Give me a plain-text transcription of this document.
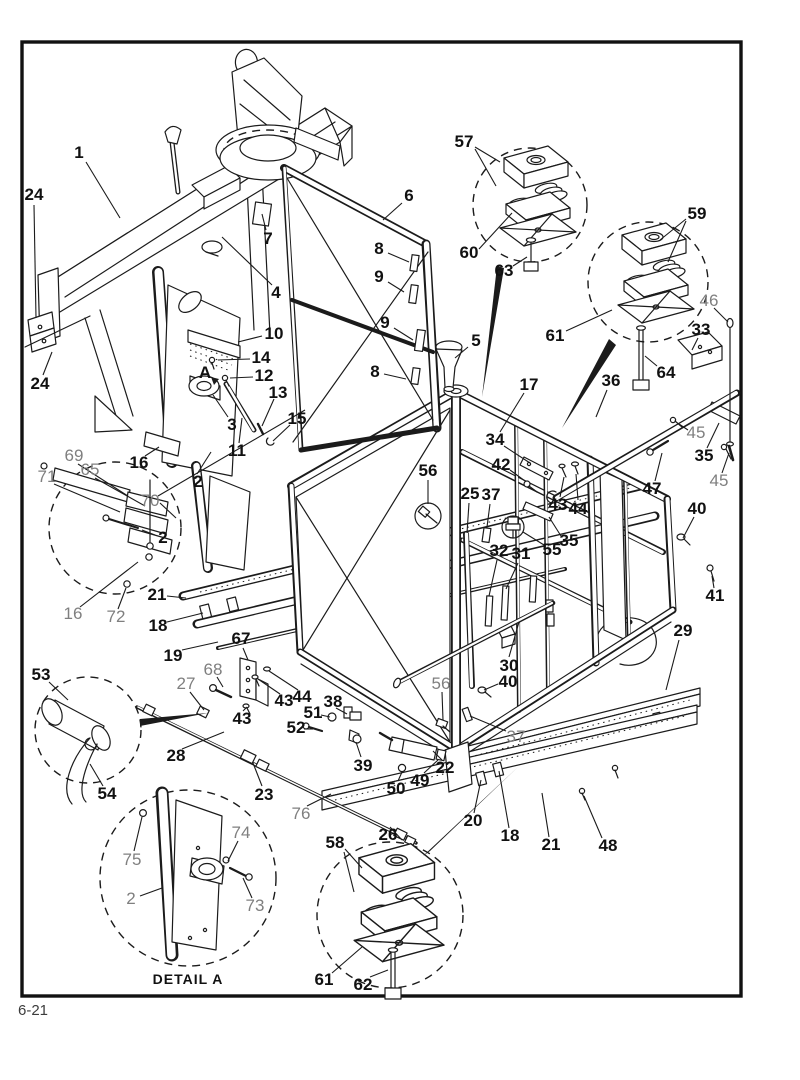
1
24
24
7
4
10
14
A	12
13
15
3
11
6
8
9
9
8
5
57
60
63
59
61
64
46
33
17	36
34
42
43 44
47
45
35
45
40
41
29
56
25 37
32 31 55
35
30
40
69
65
71
70
2
16
2
16 72
21
18
19
53
67
68
27
43 44
43
38
51
52
28
39
50 49
22
23
76
26
54
75
2
74
73
56
37
20
18 21 48
58
61 62
DETAIL A
6-21
